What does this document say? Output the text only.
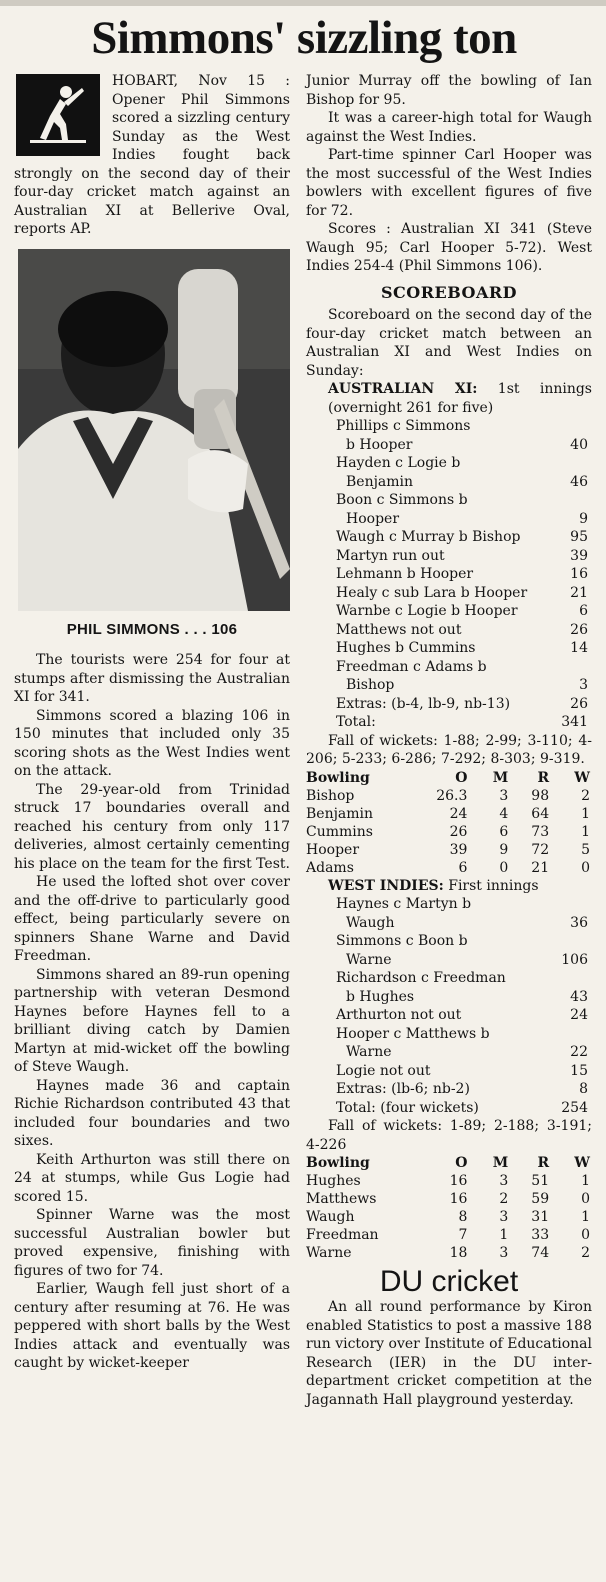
Simmons' sizzling ton

HOBART, Nov 15 : Opener Phil Simmons scored a sizzling century Sunday as the West Indies fought back strongly on the second day of their four-day cricket match against an Australian XI at Bellerive Oval, reports AP.

PHIL SIMMONS . . . 106

The tourists were 254 for four at stumps after dismissing the Australian XI for 341.

Simmons scored a blazing 106 in 150 minutes that included only 35 scoring shots as the West Indies went on the attack.

The 29-year-old from Trinidad struck 17 boundaries overall and reached his century from only 117 deliveries, almost certainly cementing his place on the team for the first Test.

He used the lofted shot over cover and the off-drive to particularly good effect, being particularly severe on spinners Shane Warne and David Freedman.

Simmons shared an 89-run opening partnership with veteran Desmond Haynes before Haynes fell to a brilliant diving catch by Damien Martyn at mid-wicket off the bowling of Steve Waugh.

Haynes made 36 and captain Richie Richardson contributed 43 that included four boundaries and two sixes.

Keith Arthurton was still there on 24 at stumps, while Gus Logie had scored 15.

Spinner Warne was the most successful Australian bowler but proved expensive, finishing with figures of two for 74.

Earlier, Waugh fell just short of a century after resuming at 76. He was peppered with short balls by the West Indies attack and eventually was caught by wicket-keeper

Junior Murray off the bowling of Ian Bishop for 95.

It was a career-high total for Waugh against the West Indies.

Part-time spinner Carl Hooper was the most successful of the West Indies bowlers with excellent figures of five for 72.

Scores : Australian XI 341 (Steve Waugh 95; Carl Hooper 5-72). West Indies 254-4 (Phil Simmons 106).

SCOREBOARD

Scoreboard on the second day of the four-day cricket match between an Australian XI and West Indies on Sunday:

AUSTRALIAN XI: 1st innings (overnight 261 for five)
Phillips c Simmons
b Hooper	40
Hayden c Logie b
Benjamin	46
Boon c Simmons b
Hooper	9
Waugh c Murray b Bishop	95
Martyn run out	39
Lehmann b Hooper	16
Healy c sub Lara b Hooper	21
Warnbe c Logie b Hooper	6
Matthews not out	26
Hughes b Cummins	14
Freedman c Adams b
Bishop	3
Extras: (b-4, lb-9, nb-13)	26
Total:	341

Fall of wickets: 1-88; 2-99; 3-110; 4-206; 5-233; 6-286; 7-292; 8-303; 9-319.

Bowling	O	M	R	W
Bishop	26.3	3	98	2
Benjamin	24	4	64	1
Cummins	26	6	73	1
Hooper	39	9	72	5
Adams	6	0	21	0
WEST INDIES: First innings
Haynes c Martyn b
Waugh	36
Simmons c Boon b
Warne	106
Richardson c Freedman
b Hughes	43
Arthurton not out	24
Hooper c Matthews b
Warne	22
Logie not out	15
Extras: (lb-6; nb-2)	8
Total: (four wickets)	254

Fall of wickets: 1-89; 2-188; 3-191; 4-226

Bowling	O	M	R	W
Hughes	16	3	51	1
Matthews	16	2	59	0
Waugh	8	3	31	1
Freedman	7	1	33	0
Warne	18	3	74	2
DU cricket

An all round performance by Kiron enabled Statistics to post a massive 188 run victory over Institute of Educational Research (IER) in the DU inter-department cricket competition at the Jagannath Hall playground yesterday.
